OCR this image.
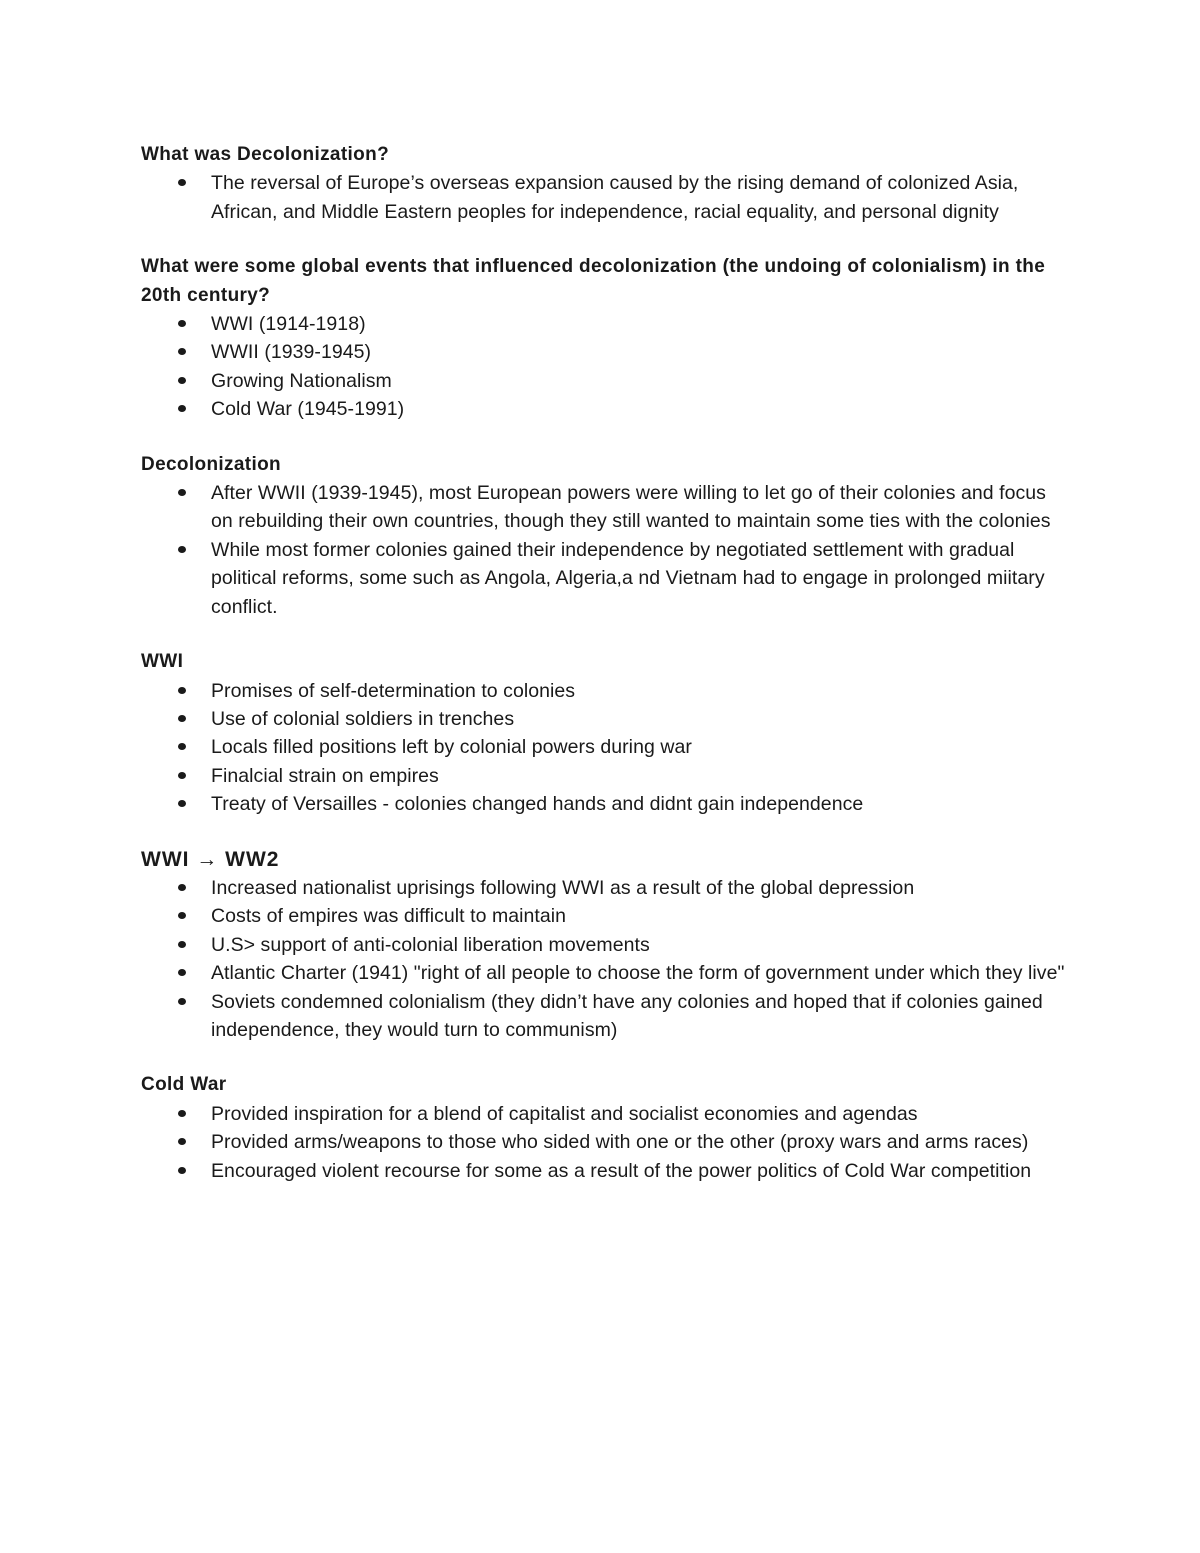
What was Decolonization?

The reversal of Europe’s overseas expansion caused by the rising demand of colonized Asia, African, and Middle Eastern peoples for independence, racial equality, and personal dignity

What were some global events that influenced decolonization (the undoing of colonialism) in the 20th century?

WWI (1914-1918)
WWII (1939-1945)
Growing Nationalism
Cold War (1945-1991)

Decolonization

After WWII (1939-1945), most European powers were willing to let go of their colonies and focus on rebuilding their own countries, though they still wanted to maintain some ties with the colonies
While most former colonies gained their independence by negotiated settlement with gradual political reforms, some such as Angola, Algeria,a nd Vietnam had to engage in prolonged miitary conflict.

WWI

Promises of self-determination to colonies
Use of colonial soldiers in trenches
Locals filled positions left by colonial powers during war
Finalcial strain on empires
Treaty of Versailles - colonies changed hands and didnt gain independence

WWI → WW2

Increased nationalist uprisings following WWI as a result of the global depression
Costs of empires was difficult to maintain
U.S> support of anti-colonial liberation movements
Atlantic Charter (1941) "right of all people to choose the form of government under which they live"
Soviets condemned colonialism (they didn’t have any colonies and hoped that if colonies gained independence, they would turn to communism)

Cold War

Provided inspiration for a blend of capitalist and socialist economies and agendas
Provided arms/weapons to those who sided with one or the other (proxy wars and arms races)
Encouraged violent recourse for some as a result of the power politics of Cold War competition
